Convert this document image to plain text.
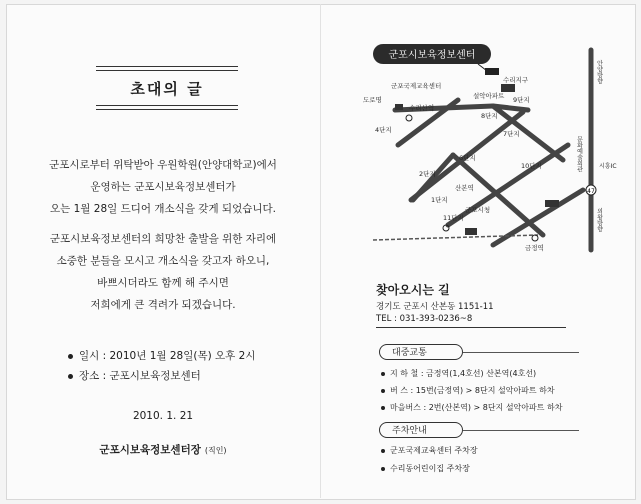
초대의 글
군포시로부터 위탁받아 우원학원(안양대학교)에서
운영하는 군포시보육정보센터가
오는 1월 28일 드디어 개소식을 갖게 되었습니다.
군포시보육정보센터의 희망찬 출발을 위한 자리에
소중한 분들을 모시고 개소식을 갖고자 하오니,
바쁘시더라도 함께 해 주시면
저희에게 큰 격려가 되겠습니다.
일시 : 2010년 1월 28일(목) 오후 2시
장소 : 군포시보육정보센터
2010. 1. 21
군포시보육정보센터장 (직인)
군포시보육정보센터
47
군포국제교육센터
수리지구
설악아파트 9단지
8단지
도로명
수리산역
4단지	7단지
6단지
10단지
2단지
산본역
1단지
군포시청
11단지
금정역
안양방향
문화예술회관	시흥IC
의왕방향
찾아오시는 길
경기도 군포시 산본동 1151-11
TEL : 031-393-0236~8
대중교통
지 하 철 : 금정역(1,4호선) 산본역(4호선)
버 스 : 15번(금정역) > 8단지 설악아파트 하차
마을버스 : 2번(산본역) > 8단지 설악아파트 하차
주차안내
군포국제교육센터 주차장
수리동어린이집 주차장
